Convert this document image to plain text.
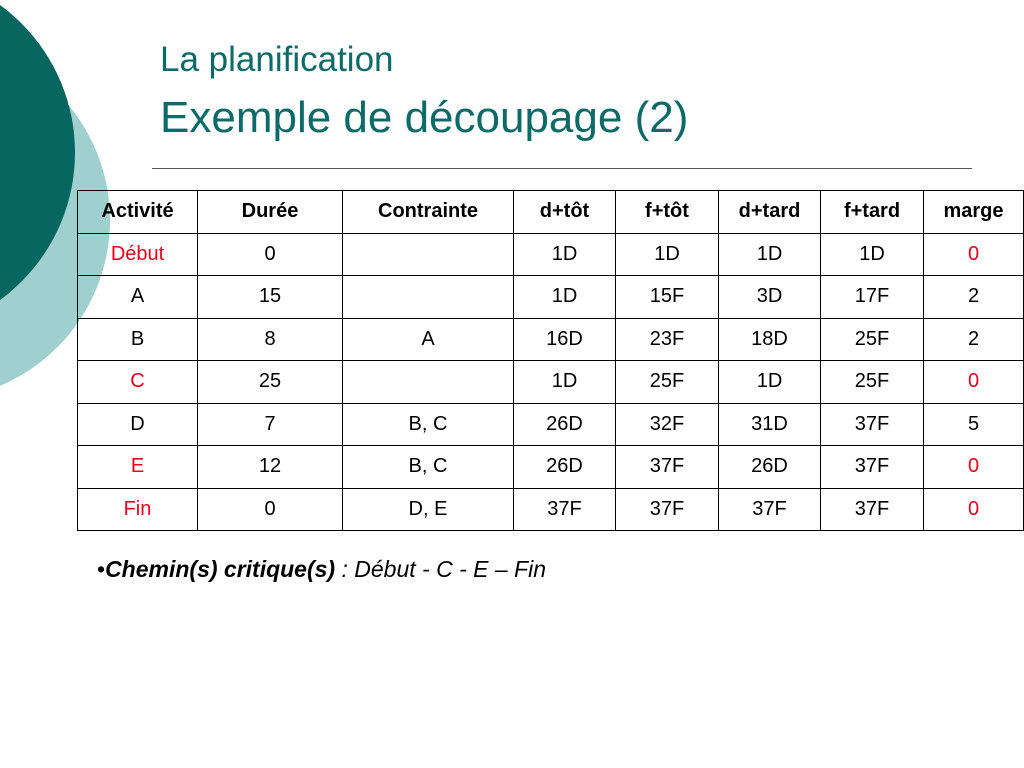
La planification
Exemple de découpage (2)
Activité	Durée	Contrainte	d+tôt	f+tôt	d+tard	f+tard	marge
Début	0		1D	1D	1D	1D	0
A	15		1D	15F	3D	17F	2
B	8	A	16D	23F	18D	25F	2
C	25		1D	25F	1D	25F	0
D	7	B, C	26D	32F	31D	37F	5
E	12	B, C	26D	37F	26D	37F	0
Fin	0	D, E	37F	37F	37F	37F	0
•Chemin(s) critique(s) : Début - C - E – Fin
